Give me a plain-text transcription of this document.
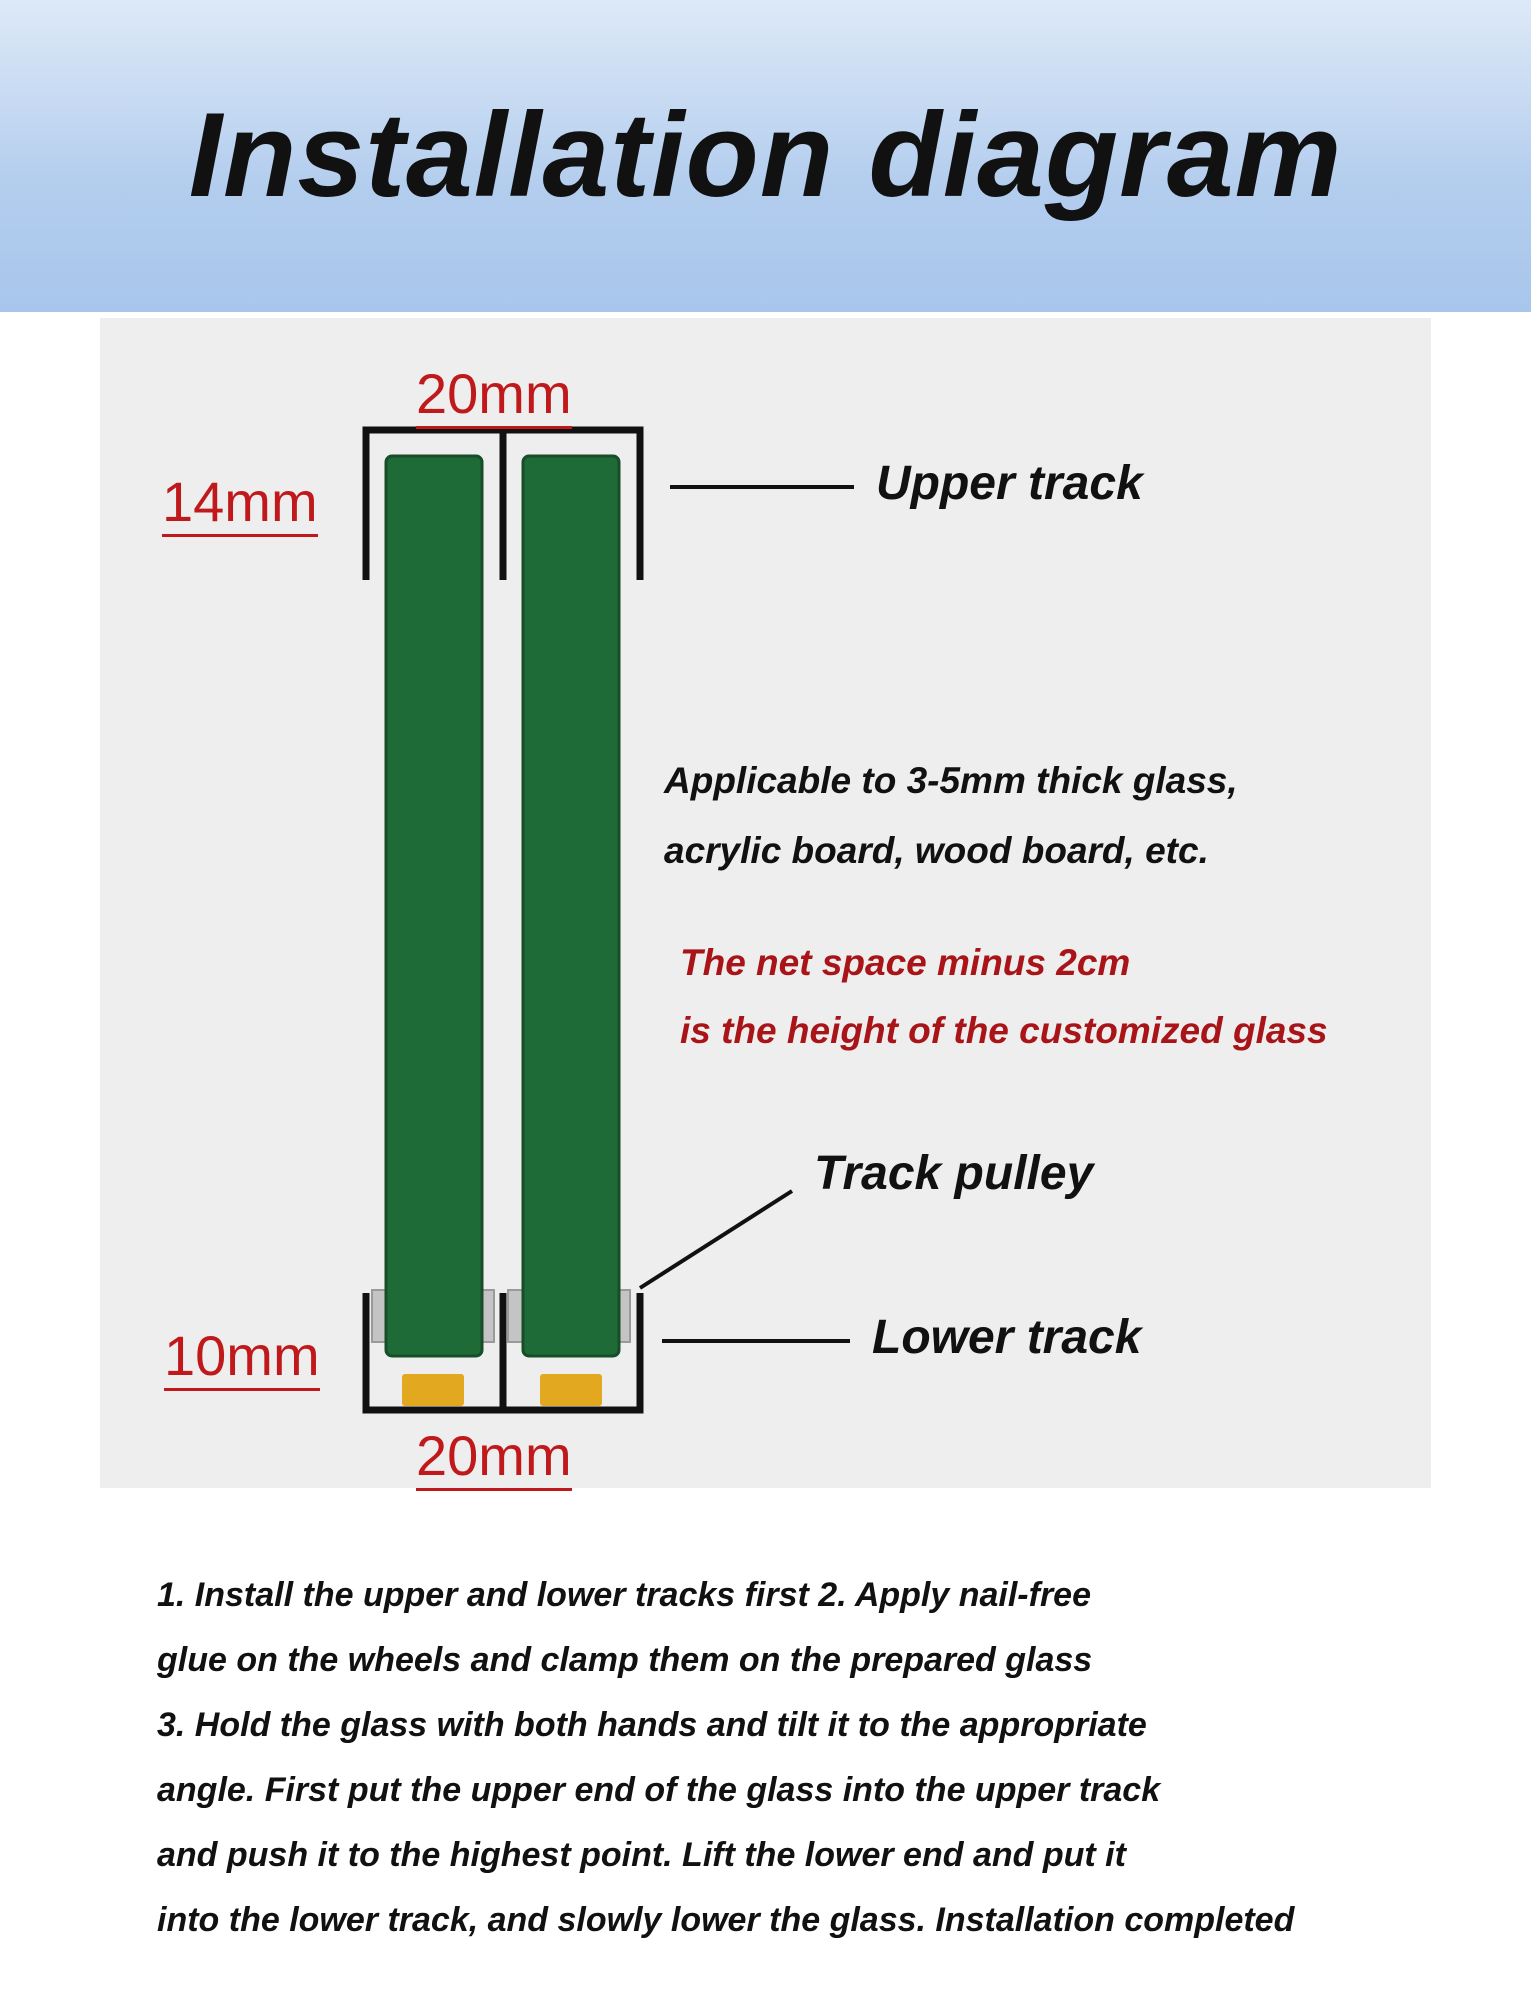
Installation diagram
20mm
14mm
10mm
20mm
Upper track
Track pulley
Lower track
Applicable to 3-5mm thick glass,
acrylic board, wood board, etc.
The net space minus 2cm
is the height of the customized glass
1. Install the upper and lower tracks first 2. Apply nail-free
glue on the wheels and clamp them on the prepared glass
3. Hold the glass with both hands and tilt it to the appropriate
angle. First put the upper end of the glass into the upper track
and push it to the highest point. Lift the lower end and put it
into the lower track, and slowly lower the glass. Installation completed
